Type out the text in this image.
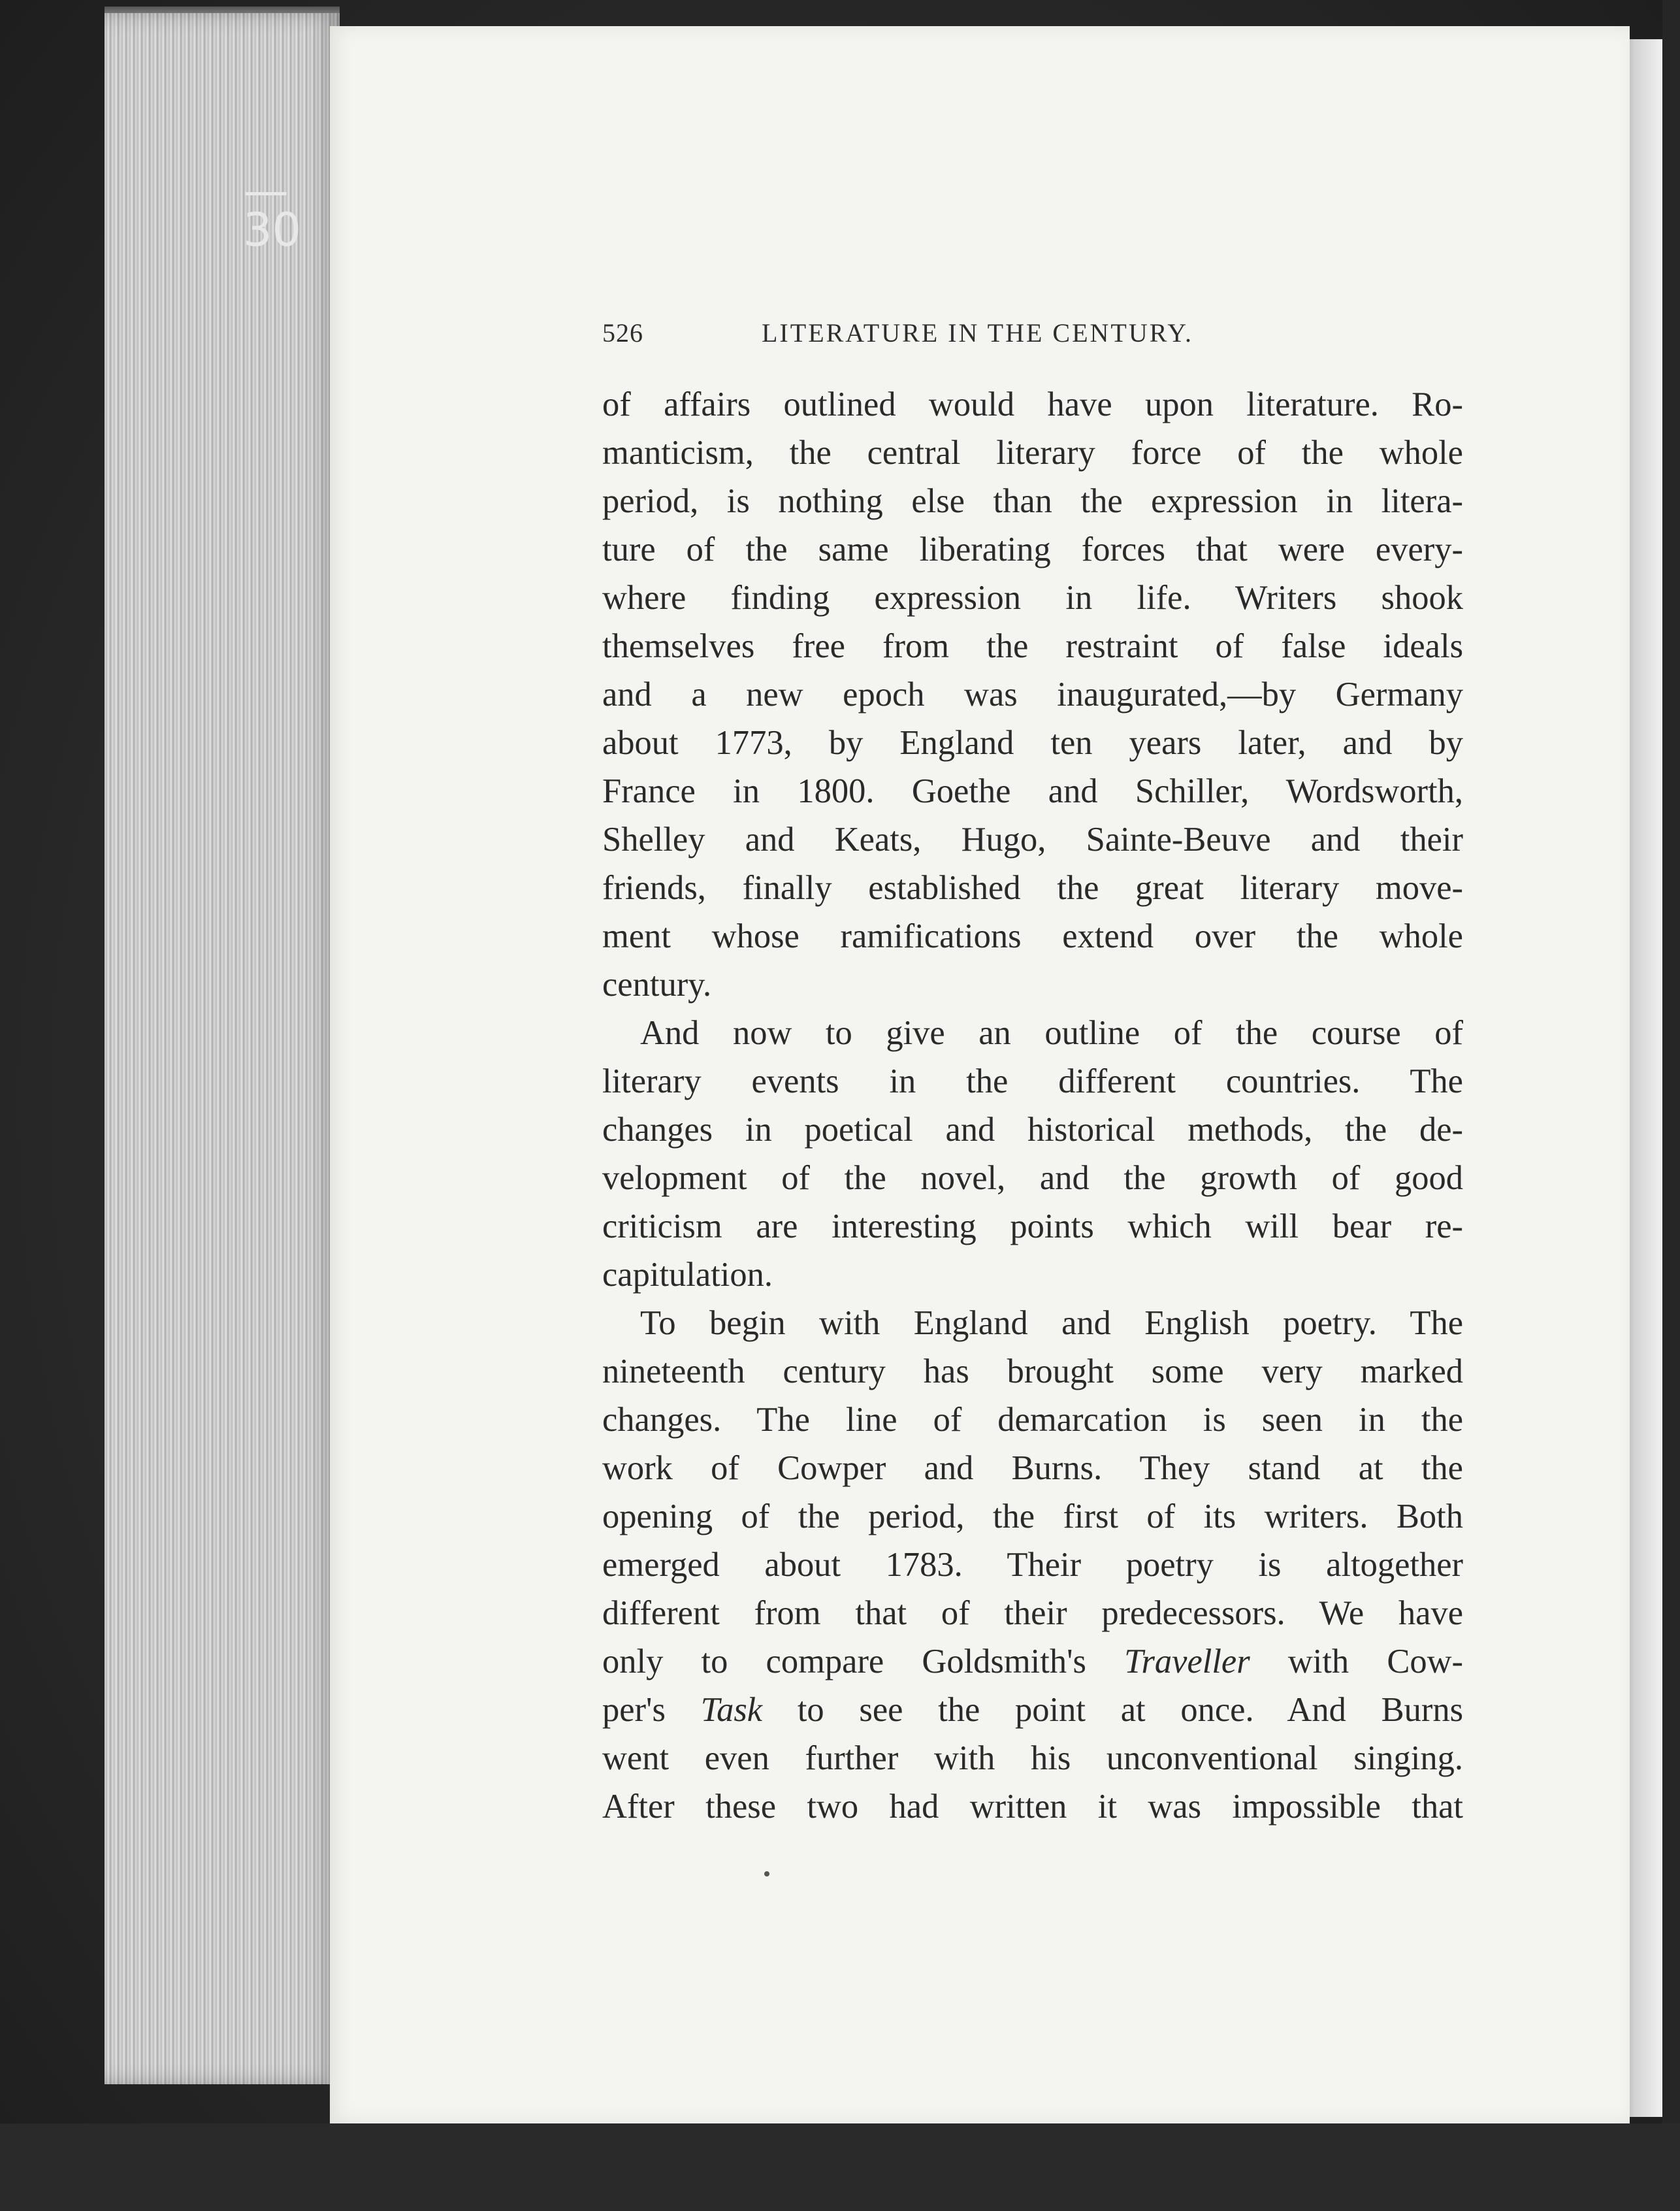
—30
526	LITERATURE IN THE CENTURY.
of affairs outlined would have upon literature. Ro-
manticism, the central literary force of the whole
period, is nothing else than the expression in litera-
ture of the same liberating forces that were every-
where finding expression in life. Writers shook
themselves free from the restraint of false ideals
and a new epoch was inaugurated,—by Germany
about 1773, by England ten years later, and by
France in 1800. Goethe and Schiller, Wordsworth,
Shelley and Keats, Hugo, Sainte-Beuve and their
friends, finally established the great literary move-
ment whose ramifications extend over the whole
century.
And now to give an outline of the course of
literary events in the different countries. The
changes in poetical and historical methods, the de-
velopment of the novel, and the growth of good
criticism are interesting points which will bear re-
capitulation.
To begin with England and English poetry. The
nineteenth century has brought some very marked
changes. The line of demarcation is seen in the
work of Cowper and Burns. They stand at the
opening of the period, the first of its writers. Both
emerged about 1783. Their poetry is altogether
different from that of their predecessors. We have
only to compare Goldsmith's Traveller with Cow-
per's Task to see the point at once. And Burns
went even further with his unconventional singing.
After these two had written it was impossible that
